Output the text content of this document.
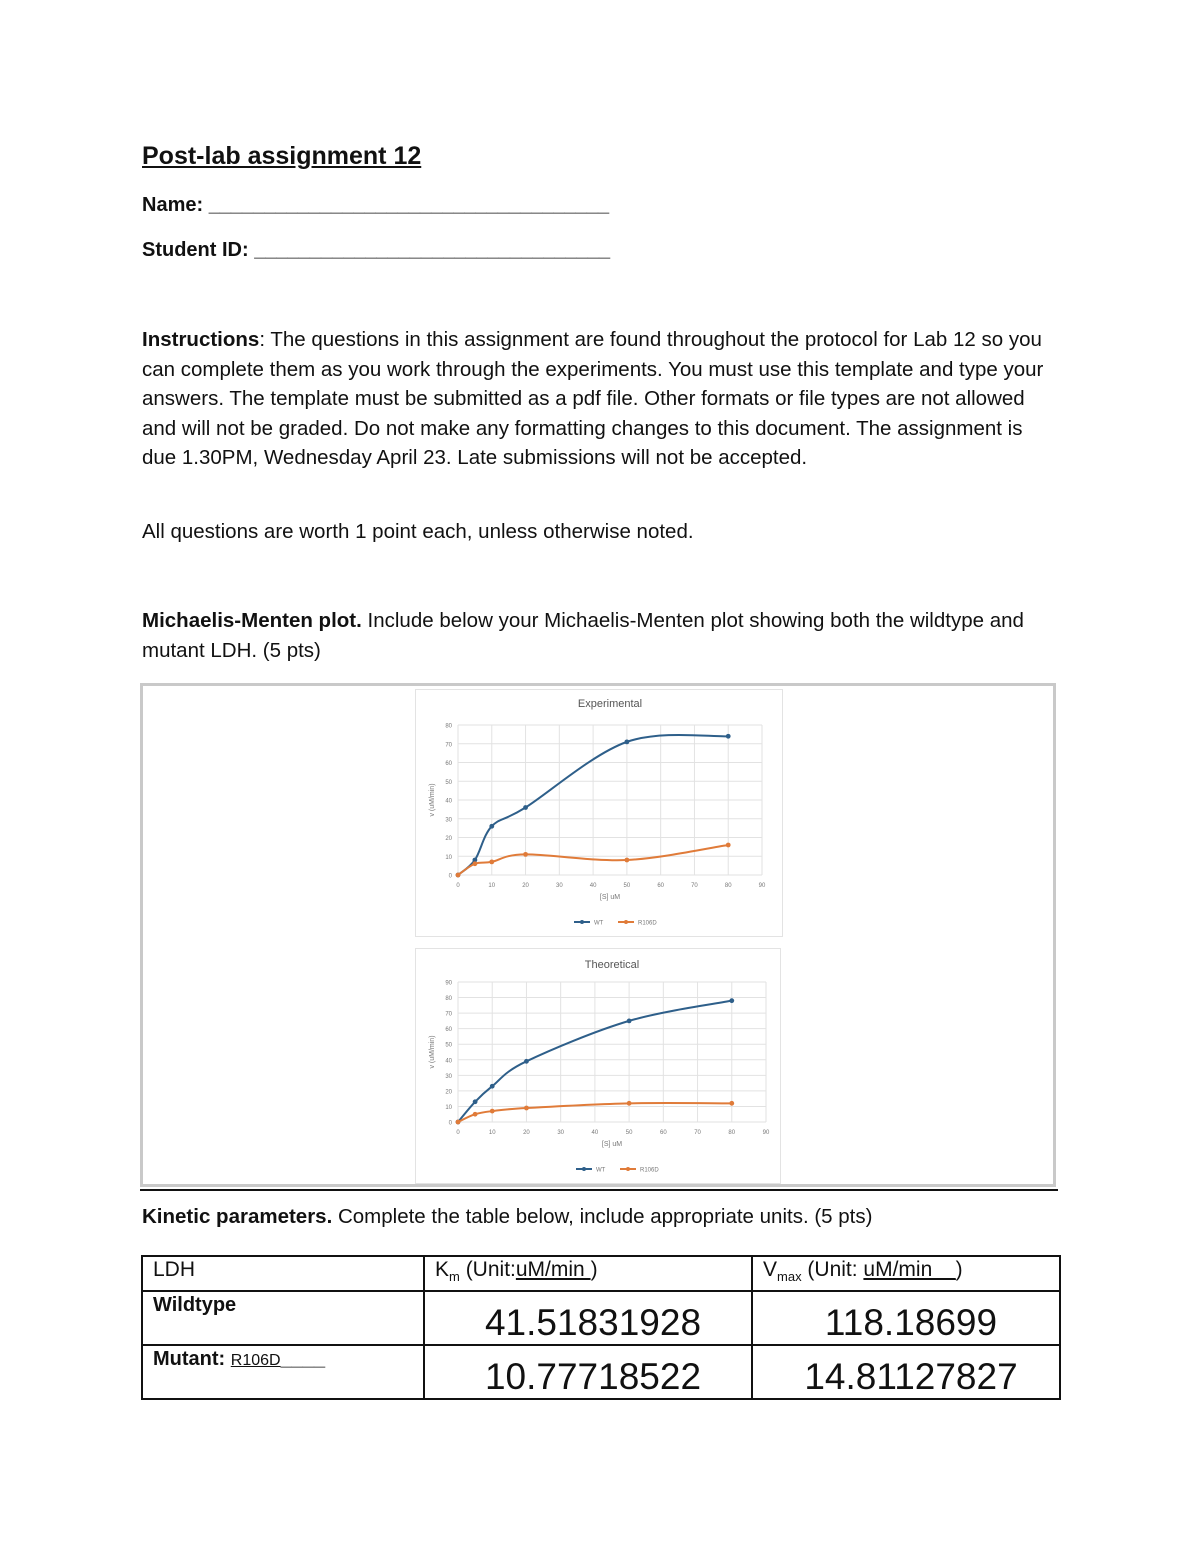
Post-lab assignment 12
Name: ____________________________________
Student ID: ________________________________
Instructions: The questions in this assignment are found throughout the protocol for Lab 12 so you can complete them as you work through the experiments. You must use this template and type your answers. The template must be submitted as a pdf file. Other formats or file types are not allowed and will not be graded. Do not make any formatting changes to this document. The assignment is due 1.30PM, Wednesday April 23. Late submissions will not be accepted.
All questions are worth 1 point each, unless otherwise noted.
Michaelis-Menten plot. Include below your Michaelis-Menten plot showing both the wildtype and mutant LDH. (5 pts)
Experimental
0
10
20
30
40
50
60
70
80
0	10	20	30	40	50	60	70	80	90
[S] uM
v (uM/min)
WT	R106D
Theoretical
0
10
20
30
40
50
60
70
80
90
0	10	20	30	40	50	60	70	80	90
[S] uM
v (uM/min)
WT	R106D
Kinetic parameters. Complete the table below, include appropriate units. (5 pts)
LDH	$K_m$ (Unit:uM/min )	$V_{max}$ (Unit: uM/min__)

Wildtype	41.51831928	118.18699

Mutant: R106D____	10.77718522	14.81127827
